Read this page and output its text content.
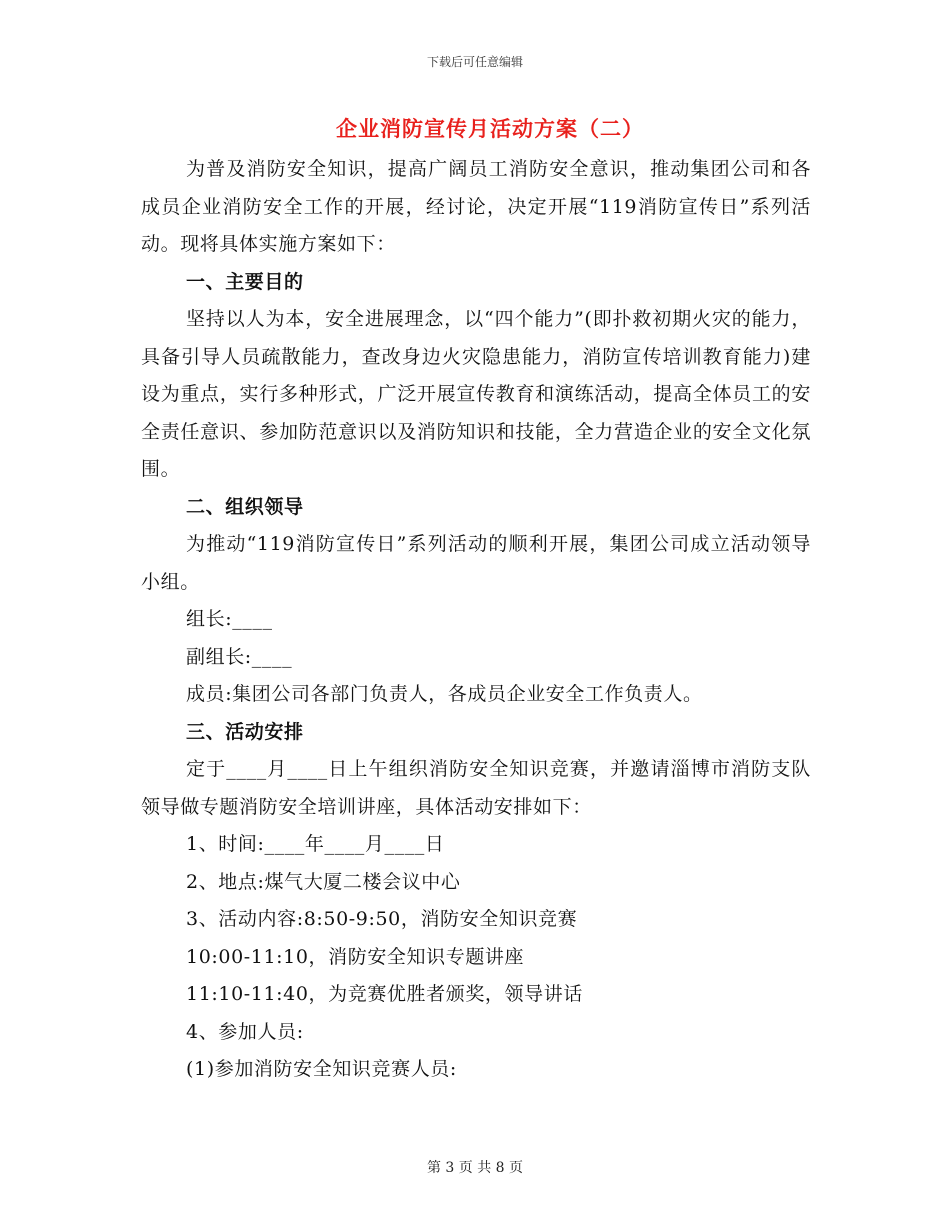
下载后可任意编辑
企业消防宣传月活动方案（二）

为普及消防安全知识，提高广阔员工消防安全意识，推动集团公司和各成员企业消防安全工作的开展，经讨论，决定开展“119消防宣传日”系列活动。现将具体实施方案如下：

一、主要目的

坚持以人为本，安全进展理念，以“四个能力”(即扑救初期火灾的能力，具备引导人员疏散能力，查改身边火灾隐患能力，消防宣传培训教育能力)建设为重点，实行多种形式，广泛开展宣传教育和演练活动，提高全体员工的安全责任意识、参加防范意识以及消防知识和技能，全力营造企业的安全文化氛围。

二、组织领导

为推动“119消防宣传日”系列活动的顺利开展，集团公司成立活动领导小组。

组长:____

副组长:____

成员:集团公司各部门负责人，各成员企业安全工作负责人。

三、活动安排

定于____月____日上午组织消防安全知识竞赛，并邀请淄博市消防支队领导做专题消防安全培训讲座，具体活动安排如下：

1、时间:____年____月____日

2、地点:煤气大厦二楼会议中心

3、活动内容:8:50-9:50，消防安全知识竞赛

10:00-11:10，消防安全知识专题讲座

11:10-11:40，为竞赛优胜者颁奖，领导讲话

4、参加人员:

(1)参加消防安全知识竞赛人员:

第 3 页 共 8 页
